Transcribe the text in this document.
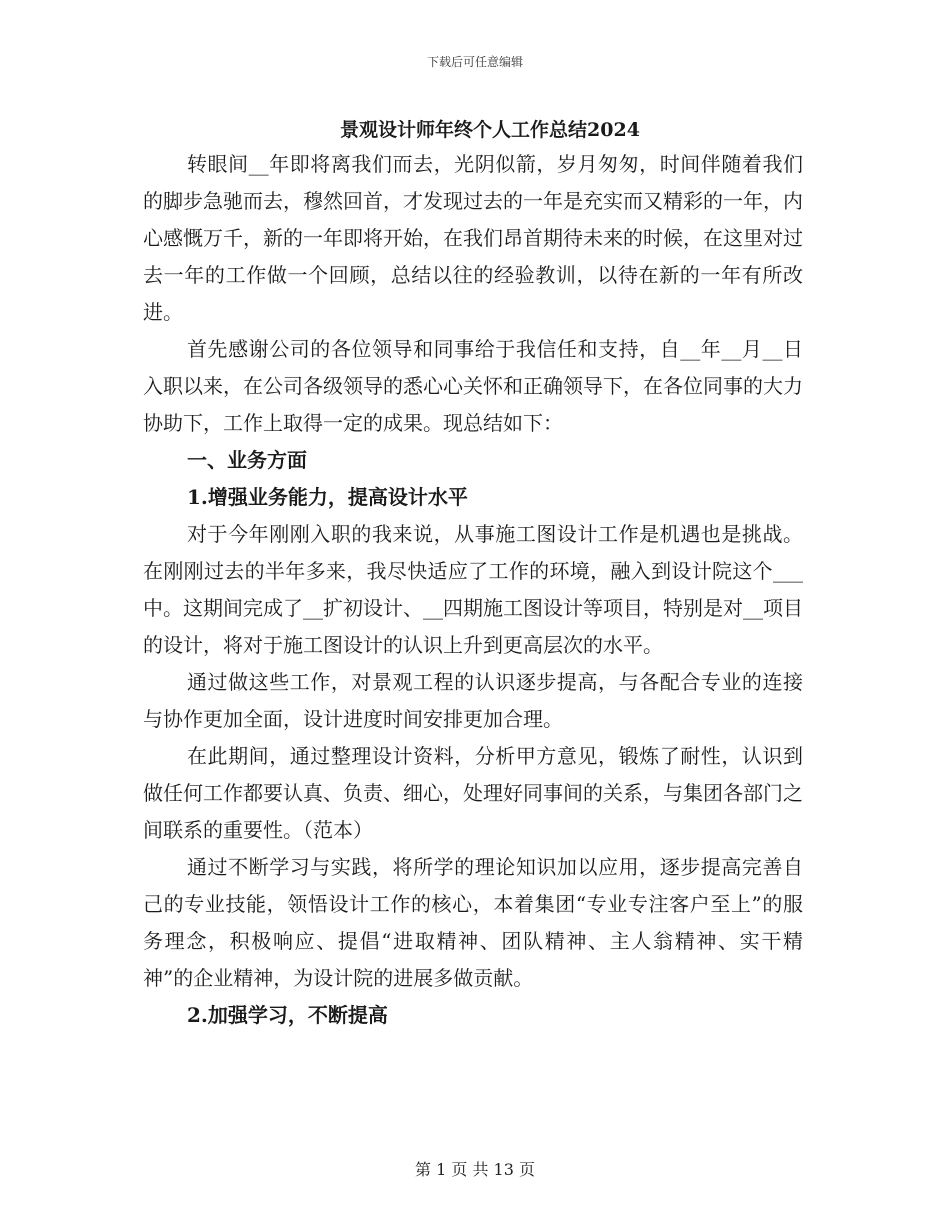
下载后可任意编辑
景观设计师年终个人工作总结2024

转眼间__年即将离我们而去，光阴似箭，岁月匆匆，时间伴随着我们的脚步急驰而去，穆然回首，才发现过去的一年是充实而又精彩的一年，内心感慨万千，新的一年即将开始，在我们昂首期待未来的时候，在这里对过去一年的工作做一个回顾，总结以往的经验教训，以待在新的一年有所改进。

首先感谢公司的各位领导和同事给于我信任和支持，自__年__月__日入职以来，在公司各级领导的悉心心关怀和正确领导下，在各位同事的大力协助下，工作上取得一定的成果。现总结如下：

一、业务方面

1.增强业务能力，提高设计水平

对于今年刚刚入职的我来说，从事施工图设计工作是机遇也是挑战。在刚刚过去的半年多来，我尽快适应了工作的环境，融入到设计院这个___中。这期间完成了__扩初设计、__四期施工图设计等项目，特别是对__项目的设计，将对于施工图设计的认识上升到更高层次的水平。

通过做这些工作，对景观工程的认识逐步提高，与各配合专业的连接与协作更加全面，设计进度时间安排更加合理。

在此期间，通过整理设计资料，分析甲方意见，锻炼了耐性，认识到做任何工作都要认真、负责、细心，处理好同事间的关系，与集团各部门之间联系的重要性。（范本）

通过不断学习与实践，将所学的理论知识加以应用，逐步提高完善自己的专业技能，领悟设计工作的核心，本着集团“专业专注客户至上”的服务理念，积极响应、提倡“进取精神、团队精神、主人翁精神、实干精神”的企业精神，为设计院的进展多做贡献。

2.加强学习，不断提高

第 1 页 共 13 页
